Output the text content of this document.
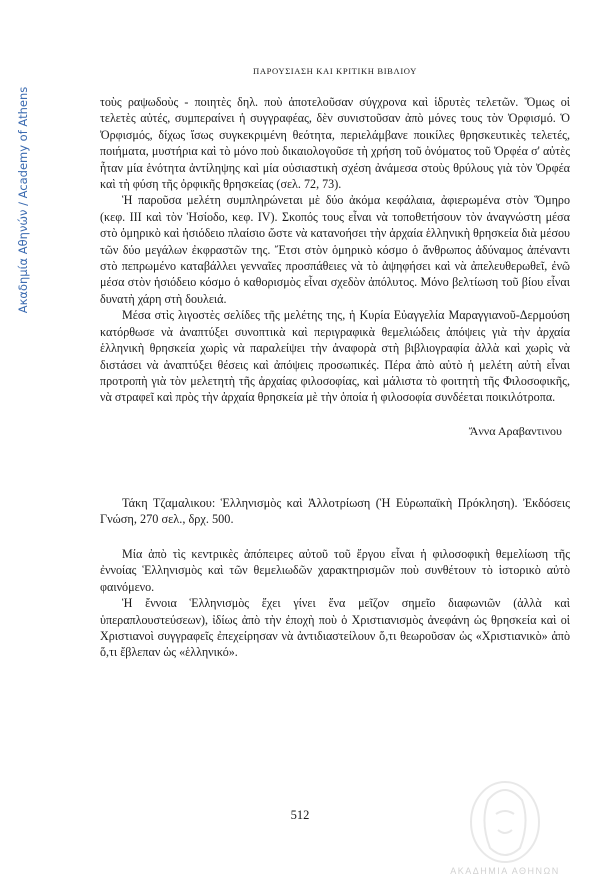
Ακαδημία Αθηνών / Academy of Athens
ΠΑΡΟΥΣΙΑΣΗ ΚΑΙ ΚΡΙΤΙΚΗ ΒΙΒΛΙΟΥ

τοὺς ραψωδοὺς - ποιητὲς δηλ. ποὺ ἀποτελοῦσαν σύγχρονα καὶ ἱδρυτὲς τελετῶν. Ὅμως οἱ τελετὲς αὐτές, συμπεραίνει ἡ συγγραφέας, δὲν συνιστοῦσαν ἀπὸ μόνες τους τὸν Ὀρφισμό. Ὁ Ὀρφισμός, δίχως ἴσως συγκεκριμένη θεότητα, περιελάμβανε ποικίλες θρησκευτικὲς τελετές, ποιήματα, μυστήρια καὶ τὸ μόνο ποὺ δικαιολογοῦσε τὴ χρήση τοῦ ὀνόματος τοῦ Ὀρφέα σ' αὐτὲς ἦταν μία ἑνότητα ἀντίληψης καὶ μία οὐσιαστικὴ σχέση ἀνάμεσα στοὺς θρύλους γιὰ τὸν Ὀρφέα καὶ τὴ φύση τῆς ὀρφικῆς θρησκείας (σελ. 72, 73).

Ἡ παροῦσα μελέτη συμπληρώνεται μὲ δύο ἀκόμα κεφάλαια, ἀφιερωμένα στὸν Ὅμηρο (κεφ. III καὶ τὸν Ἡσίοδο, κεφ. IV). Σκοπός τους εἶναι νὰ τοποθετήσουν τὸν ἀναγνώστη μέσα στὸ ὁμηρικὸ καὶ ἡσιόδειο πλαίσιο ὥστε νὰ κατανοήσει τὴν ἀρχαία ἑλληνικὴ θρησκεία διὰ μέσου τῶν δύο μεγάλων ἐκφραστῶν της. Ἔτσι στὸν ὁμηρικὸ κόσμο ὁ ἄνθρωπος ἀδύναμος ἀπέναντι στὸ πεπρωμένο καταβάλλει γενναῖες προσπάθειες νὰ τὸ ἀψηφήσει καὶ νὰ ἀπελευθερωθεῖ, ἐνῶ μέσα στὸν ἡσιόδειο κόσμο ὁ καθορισμὸς εἶναι σχεδὸν ἀπόλυτος. Μόνο βελτίωση τοῦ βίου εἶναι δυνατὴ χάρη στὴ δουλειά.

Μέσα στὶς λιγοστὲς σελίδες τῆς μελέτης της, ἡ Κυρία Εὐαγγελία Μαραγγιανοῦ-Δερμούση κατόρθωσε νὰ ἀναπτύξει συνοπτικὰ καὶ περιγραφικὰ θεμελιώδεις ἀπόψεις γιὰ τὴν ἀρχαία ἑλληνικὴ θρησκεία χωρὶς νὰ παραλείψει τὴν ἀναφορὰ στὴ βιβλιογραφία ἀλλὰ καὶ χωρὶς νὰ διστάσει νὰ ἀναπτύξει θέσεις καὶ ἀπόψεις προσωπικές. Πέρα ἀπὸ αὐτὸ ἡ μελέτη αὐτὴ εἶναι προτροπὴ γιὰ τὸν μελετητὴ τῆς ἀρχαίας φιλοσοφίας, καὶ μάλιστα τὸ φοιτητὴ τῆς Φιλοσοφικῆς, νὰ στραφεῖ καὶ πρὸς τὴν ἀρχαία θρησκεία μὲ τὴν ὁποία ἡ φιλοσοφία συνδέεται ποικιλότροπα.

Ἄννα Αραβαντινου

Τάκη Τζαμαλικου: Ἑλληνισμὸς καὶ Ἀλλοτρίωση (Ἡ Εὐρωπαϊκὴ Πρόκληση). Ἐκδόσεις Γνώση, 270 σελ., δρχ. 500.

Μία ἀπὸ τὶς κεντρικὲς ἀπόπειρες αὐτοῦ τοῦ ἔργου εἶναι ἡ φιλοσοφικὴ θεμελίωση τῆς ἐννοίας Ἑλληνισμὸς καὶ τῶν θεμελιωδῶν χαρακτηρισμῶν ποὺ συνθέτουν τὸ ἱστορικὸ αὐτὸ φαινόμενο.

Ἡ ἔννοια Ἑλληνισμὸς ἔχει γίνει ἕνα μεῖζον σημεῖο διαφωνιῶν (ἀλλὰ καὶ ὑπεραπλουστεύσεων), ἰδίως ἀπὸ τὴν ἐποχὴ ποὺ ὁ Χριστιανισμὸς ἀνεφάνη ὡς θρησκεία καὶ οἱ Χριστιανοὶ συγγραφεῖς ἐπεχείρησαν νὰ ἀντιδιαστείλουν ὅ,τι θεωροῦσαν ὡς «Χριστιανικὸ» ἀπὸ ὅ,τι ἔβλεπαν ὡς «ἑλληνικό».

512
ΑΚΑΔΗΜΙΑ ΑΘΗΝΩΝ
